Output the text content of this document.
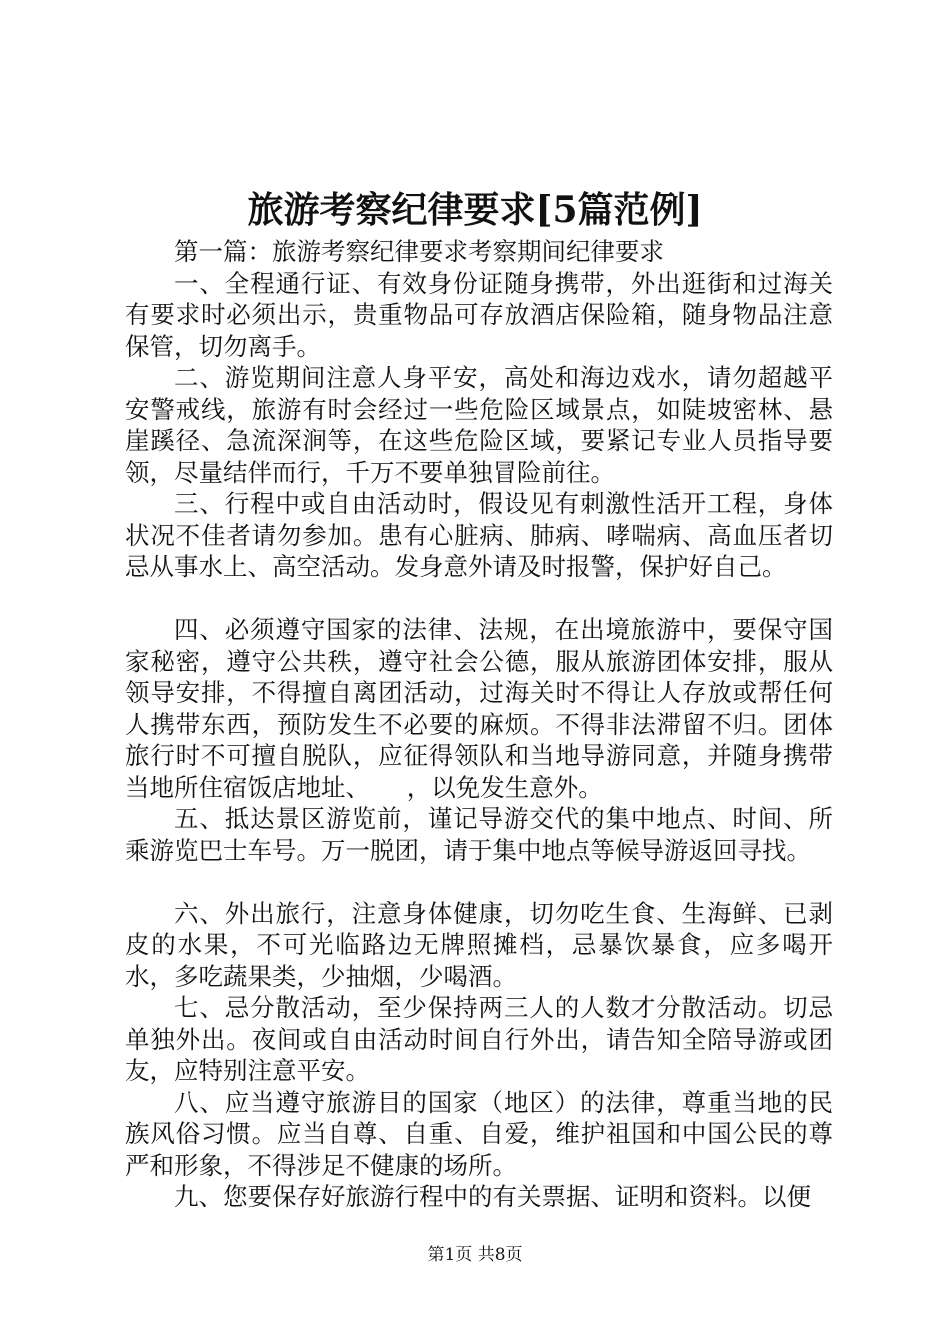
旅游考察纪律要求[5篇范例]

第一篇：旅游考察纪律要求考察期间纪律要求

一、全程通行证、有效身份证随身携带，外出逛街和过海关有要求时必须出示，贵重物品可存放酒店保险箱，随身物品注意保管，切勿离手。

二、游览期间注意人身平安，高处和海边戏水，请勿超越平安警戒线，旅游有时会经过一些危险区域景点，如陡坡密林、悬崖蹊径、急流深涧等，在这些危险区域，要紧记专业人员指导要领，尽量结伴而行，千万不要单独冒险前往。

三、行程中或自由活动时，假设见有刺激性活开工程，身体状况不佳者请勿参加。患有心脏病、肺病、哮喘病、高血压者切忌从事水上、高空活动。发身意外请及时报警，保护好自己。

四、必须遵守国家的法律、法规，在出境旅游中，要保守国家秘密，遵守公共秩，遵守社会公德，服从旅游团体安排，服从领导安排，不得擅自离团活动，过海关时不得让人存放或帮任何人携带东西，预防发生不必要的麻烦。不得非法滞留不归。团体旅行时不可擅自脱队，应征得领队和当地导游同意，并随身携带当地所住宿饭店地址、　　，以免发生意外。

五、抵达景区游览前，谨记导游交代的集中地点、时间、所乘游览巴士车号。万一脱团，请于集中地点等候导游返回寻找。

六、外出旅行，注意身体健康，切勿吃生食、生海鲜、已剥皮的水果，不可光临路边无牌照摊档，忌暴饮暴食，应多喝开水，多吃蔬果类，少抽烟，少喝酒。

七、忌分散活动，至少保持两三人的人数才分散活动。切忌单独外出。夜间或自由活动时间自行外出，请告知全陪导游或团友，应特别注意平安。

八、应当遵守旅游目的国家（地区）的法律，尊重当地的民族风俗习惯。应当自尊、自重、自爱，维护祖国和中国公民的尊严和形象，不得涉足不健康的场所。

九、您要保存好旅游行程中的有关票据、证明和资料。以便

第1页 共8页
